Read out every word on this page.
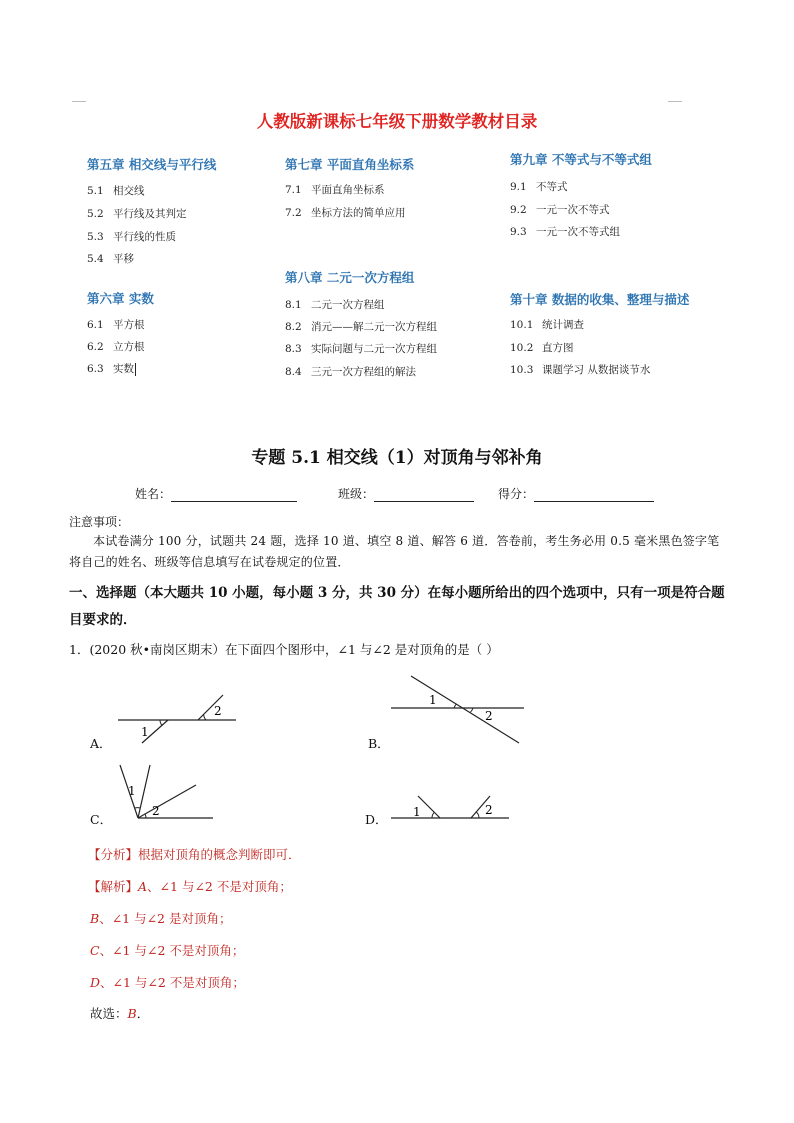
人教版新课标七年级下册数学教材目录
第五章 相交线与平行线
5.1 相交线
5.2 平行线及其判定
5.3 平行线的性质
5.4 平移
第六章 实数
6.1 平方根
6.2 立方根
6.3 实数
第七章 平面直角坐标系
7.1 平面直角坐标系
7.2 坐标方法的简单应用
第八章 二元一次方程组
8.1 二元一次方程组
8.2 消元——解二元一次方程组
8.3 实际问题与二元一次方程组
8.4 三元一次方程组的解法
第九章 不等式与不等式组
9.1 不等式
9.2 一元一次不等式
9.3 一元一次不等式组
第十章 数据的收集、整理与描述
10.1 统计调查
10.2 直方图
10.3 课题学习 从数据谈节水
专题 5.1 相交线（1）对顶角与邻补角
姓名：	班级：	得分：
注意事项：
本试卷满分 100 分，试题共 24 题，选择 10 道、填空 8 道、解答 6 道．答卷前，考生务必用 0.5 毫米黑色签字笔将自己的姓名、班级等信息填写在试卷规定的位置．
一、选择题（本大题共 10 小题，每小题 3 分，共 30 分）在每小题所给出的四个选项中，只有一项是符合题目要求的．
1．(2020 秋•南岗区期末）在下面四个图形中，∠1 与∠2 是对顶角的是（ ）
A．
2
1
B．
1
2
C．
1
2
D． 1	2
【分析】根据对顶角的概念判断即可．
【解析】A、∠1 与∠2 不是对顶角；
B、∠1 与∠2 是对顶角；
C、∠1 与∠2 不是对顶角；
D、∠1 与∠2 不是对顶角；
故选：B．
